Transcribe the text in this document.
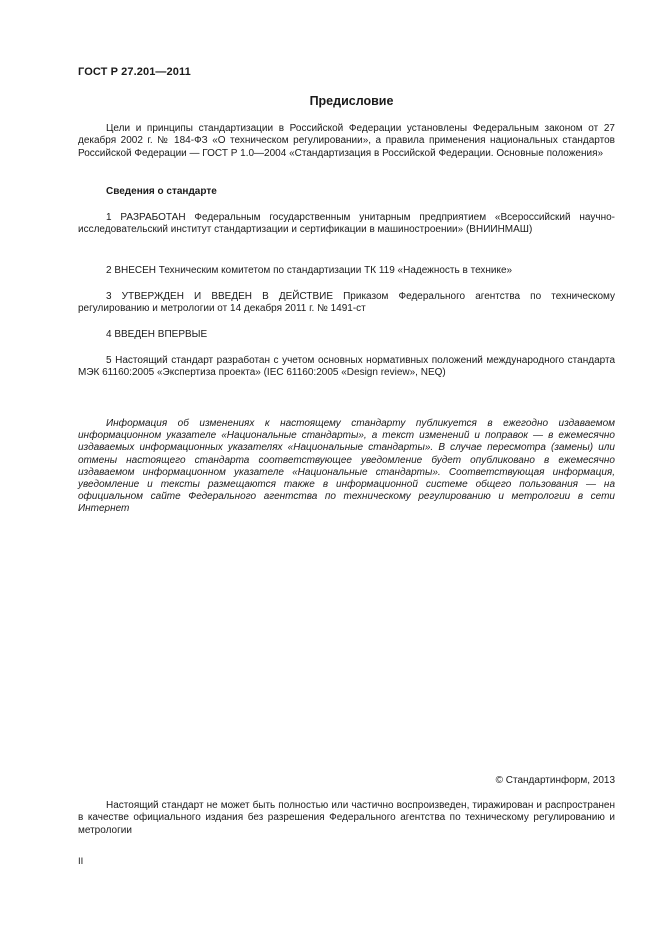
ГОСТ Р 27.201—2011
Предисловие
Цели и принципы стандартизации в Российской Федерации установлены Федеральным законом от 27 декабря 2002 г. № 184-ФЗ «О техническом регулировании», а правила применения национальных стандартов Российской Федерации — ГОСТ Р 1.0—2004 «Стандартизация в Российской Федерации. Основные положения»
Сведения о стандарте
1 РАЗРАБОТАН Федеральным государственным унитарным предприятием «Всероссийский научно-исследовательский институт стандартизации и сертификации в машиностроении» (ВНИИНМАШ)
2 ВНЕСЕН Техническим комитетом по стандартизации ТК 119 «Надежность в технике»
3 УТВЕРЖДЕН И ВВЕДЕН В ДЕЙСТВИЕ Приказом Федерального агентства по техническому регулированию и метрологии от 14 декабря 2011 г. № 1491-ст
4 ВВЕДЕН ВПЕРВЫЕ
5 Настоящий стандарт разработан с учетом основных нормативных положений международного стандарта МЭК 61160:2005 «Экспертиза проекта» (IEC 61160:2005 «Design review», NEQ)
Информация об изменениях к настоящему стандарту публикуется в ежегодно издаваемом информационном указателе «Национальные стандарты», а текст изменений и поправок — в ежемесячно издаваемых информационных указателях «Национальные стандарты». В случае пересмотра (замены) или отмены настоящего стандарта соответствующее уведомление будет опубликовано в ежемесячно издаваемом информационном указателе «Национальные стандарты». Соответствующая информация, уведомление и тексты размещаются также в информационной системе общего пользования — на официальном сайте Федерального агентства по техническому регулированию и метрологии в сети Интернет
© Стандартинформ, 2013
Настоящий стандарт не может быть полностью или частично воспроизведен, тиражирован и распространен в качестве официального издания без разрешения Федерального агентства по техническому регулированию и метрологии
II
